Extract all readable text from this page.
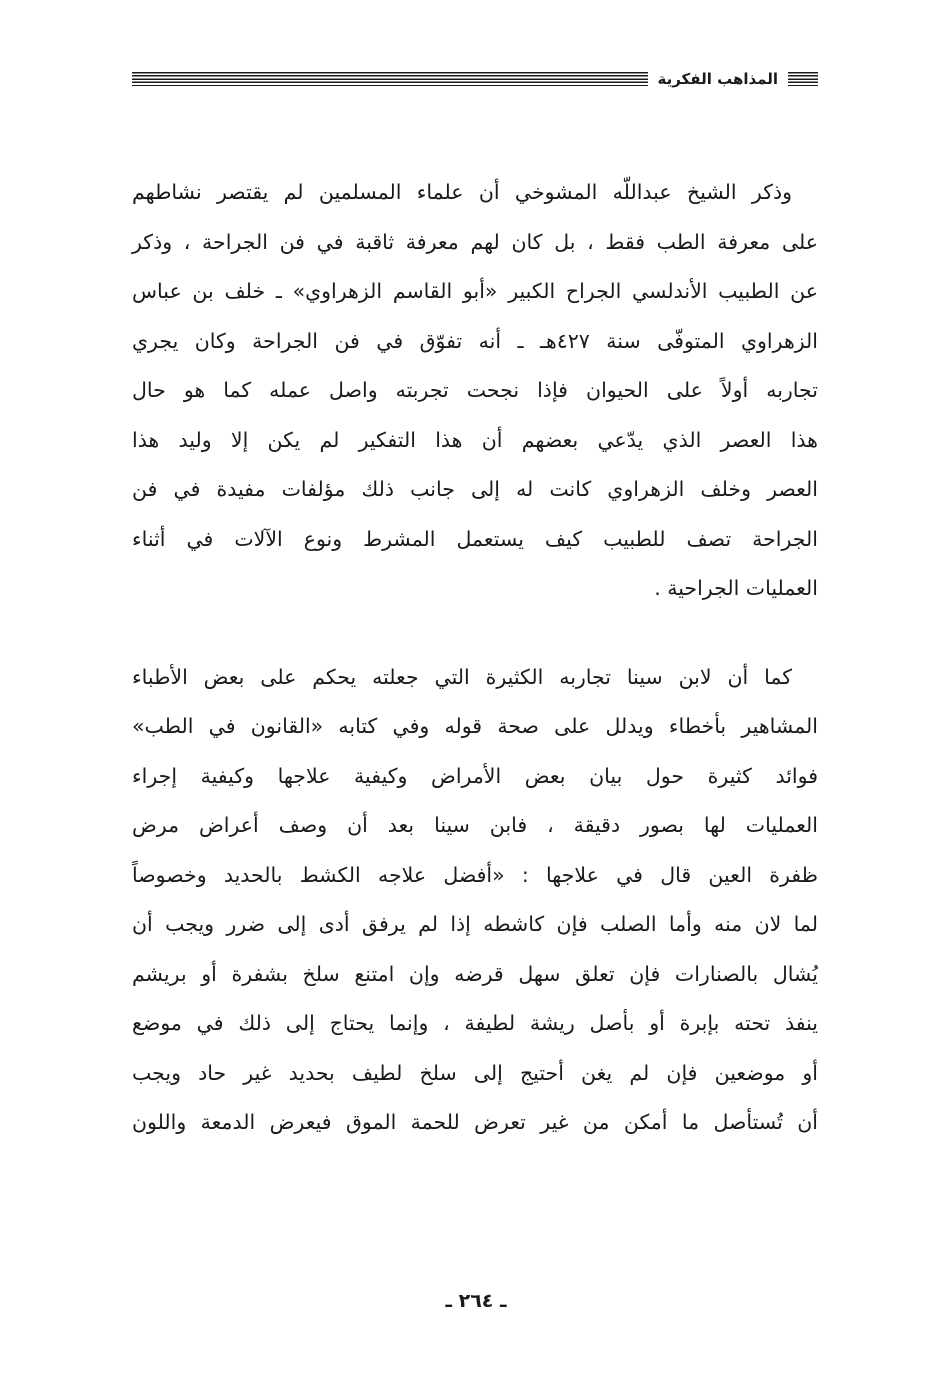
المذاهب الفكرية
وذكر الشيخ عبداللّه المشوخي أن علماء المسلمين لم يقتصر نشاطهم
على معرفة الطب فقط ، بل كان لهم معرفة ثاقبة في فن الجراحة ، وذكر
عن الطبيب الأندلسي الجراح الكبير «أبو القاسم الزهراوي» ـ خلف بن عباس
الزهراوي المتوفّى سنة ٤٢٧هـ ـ أنه تفوّق في فن الجراحة وكان يجري
تجاربه أولاً على الحيوان فإذا نجحت تجربته واصل عمله كما هو حال
هذا العصر الذي يدّعي بعضهم أن هذا التفكير لم يكن إلا وليد هذا
العصر وخلف الزهراوي كانت له إلى جانب ذلك مؤلفات مفيدة في فن
الجراحة تصف للطبيب كيف يستعمل المشرط ونوع الآلات في أثناء
العمليات الجراحية .
كما أن لابن سينا تجاربه الكثيرة التي جعلته يحكم على بعض الأطباء
المشاهير بأخطاء ويدلل على صحة قوله وفي كتابه «القانون في الطب»
فوائد كثيرة حول بيان بعض الأمراض وكيفية علاجها وكيفية إجراء
العمليات لها بصور دقيقة ، فابن سينا بعد أن وصف أعراض مرض
ظفرة العين قال في علاجها : «أفضل علاجه الكشط بالحديد وخصوصاً
لما لان منه وأما الصلب فإن كاشطه إذا لم يرفق أدى إلى ضرر ويجب أن
يُشال بالصنارات فإن تعلق سهل قرضه وإن امتنع سلخ بشفرة أو بريشم
ينفذ تحته بإبرة أو بأصل ريشة لطيفة ، وإنما يحتاج إلى ذلك في موضع
أو موضعين فإن لم يغن أحتيج إلى سلخ لطيف بحديد غير حاد ويجب
أن تُستأصل ما أمكن من غير تعرض للحمة الموق فيعرض الدمعة واللون
ـ ٢٦٤ ـ
